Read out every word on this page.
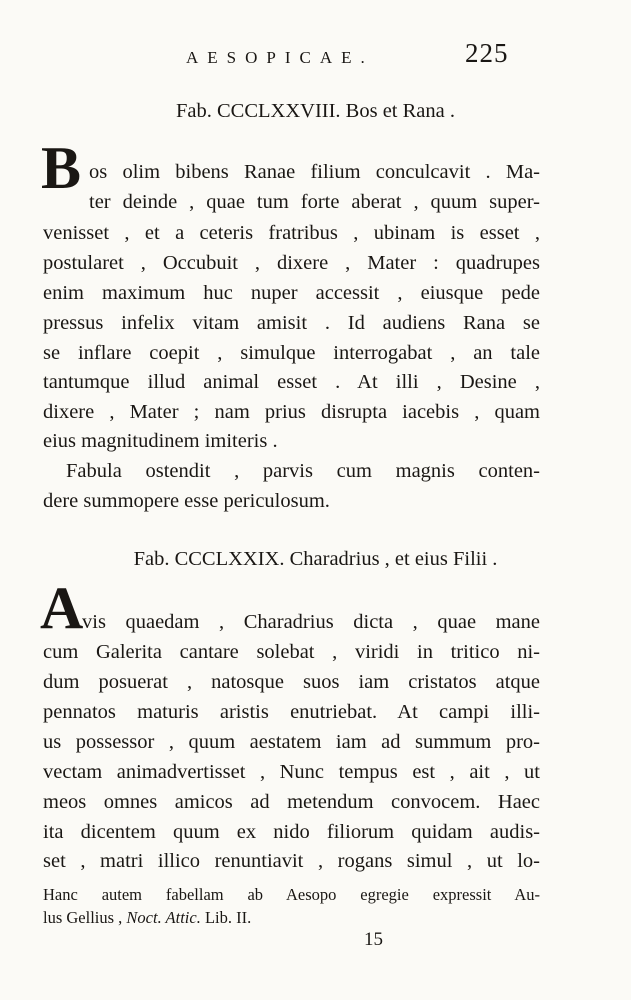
AESOPICAE.	225
Fab. CCCLXXVIII. Bos et Rana .
B os olim bibens Ranae filium conculcavit . Ma-
ter deinde , quae tum forte aberat , quum super-
venisset , et a ceteris fratribus , ubinam is esset ,
postularet , Occubuit , dixere , Mater : quadrupes
enim maximum huc nuper accessit , eiusque pede
pressus infelix vitam amisit . Id audiens Rana se
se inflare coepit , simulque interrogabat , an tale
tantumque illud animal esset . At illi , Desine ,
dixere , Mater ; nam prius disrupta iacebis , quam
eius magnitudinem imiteris .
Fabula ostendit , parvis cum magnis conten-
dere summopere esse periculosum.
Fab. CCCLXXIX. Charadrius , et eius Filii .
A
vis quaedam , Charadrius dicta , quae mane
cum Galerita cantare solebat , viridi in tritico ni-
dum posuerat , natosque suos iam cristatos atque
pennatos maturis aristis enutriebat. At campi illi-
us possessor , quum aestatem iam ad summum pro-
vectam animadvertisset , Nunc tempus est , ait , ut
meos omnes amicos ad metendum convocem. Haec
ita dicentem quum ex nido filiorum quidam audis-
set , matri illico renuntiavit , rogans simul , ut lo-
Hanc autem fabellam ab Aesopo egregie expressit Au-
lus Gellius , Noct. Attic. Lib. II.
15
